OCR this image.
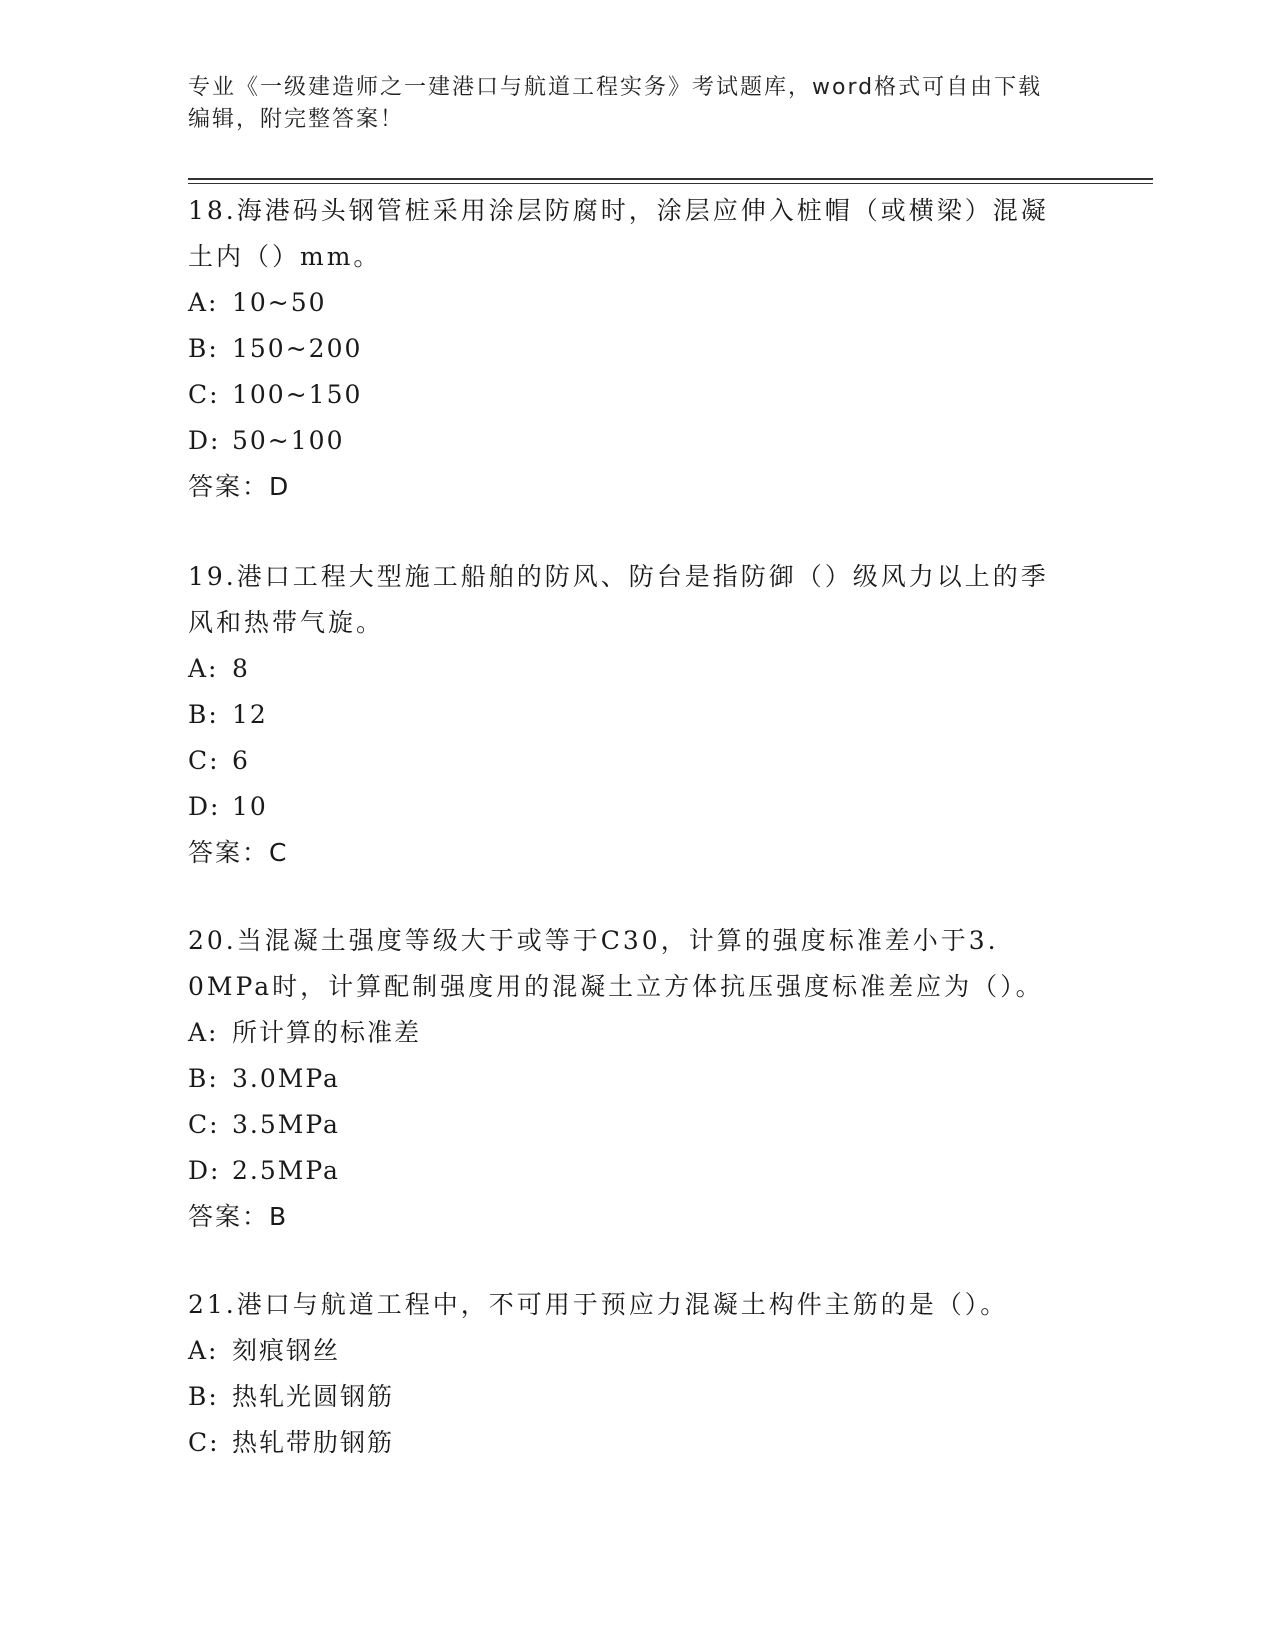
专业《一级建造师之一建港口与航道工程实务》考试题库，word格式可自由下载
编辑，附完整答案！

18.海港码头钢管桩采用涂层防腐时，涂层应伸入桩帽（或横梁）混凝

土内（）mm。

A: 10~50

B: 150~200

C: 100~150

D: 50~100

答案：D

19.港口工程大型施工船舶的防风、防台是指防御（）级风力以上的季

风和热带气旋。

A: 8

B: 12

C: 6

D: 10

答案：C

20.当混凝土强度等级大于或等于C30，计算的强度标准差小于3.

0MPa时，计算配制强度用的混凝土立方体抗压强度标准差应为（）。

A: 所计算的标准差

B: 3.0MPa

C: 3.5MPa

D: 2.5MPa

答案：B

21.港口与航道工程中，不可用于预应力混凝土构件主筋的是（）。

A: 刻痕钢丝

B: 热轧光圆钢筋

C: 热轧带肋钢筋
